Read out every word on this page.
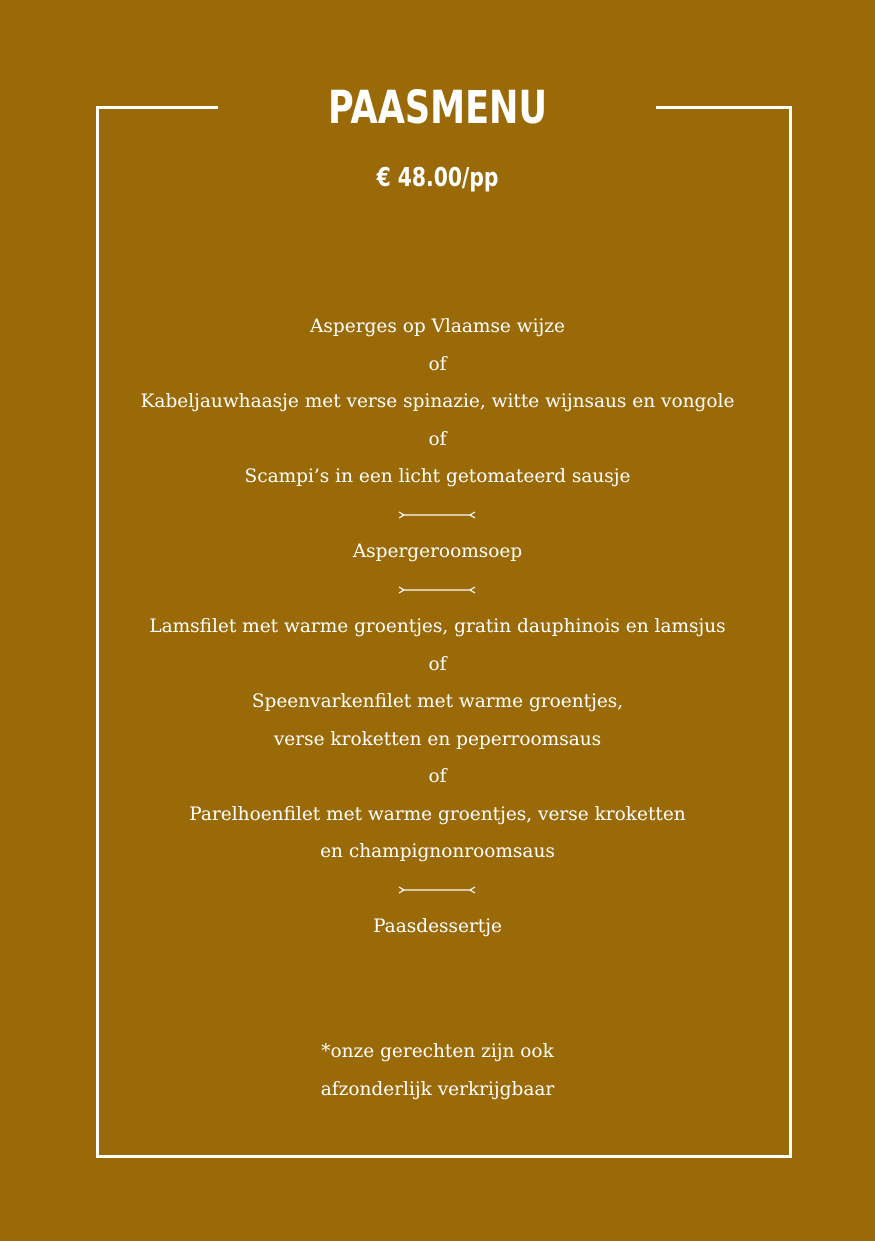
PAASMENU
€ 48.00/pp
Asperges op Vlaamse wijze
of
Kabeljauwhaasje met verse spinazie, witte wijnsaus en vongole
of
Scampi’s in een licht getomateerd sausje
Aspergeroomsoep
Lamsfilet met warme groentjes, gratin dauphinois en lamsjus
of
Speenvarkenfilet met warme groentjes,
verse kroketten en peperroomsaus
of
Parelhoenfilet met warme groentjes, verse kroketten
en champignonroomsaus
Paasdessertje
*onze gerechten zijn ook
afzonderlijk verkrijgbaar
